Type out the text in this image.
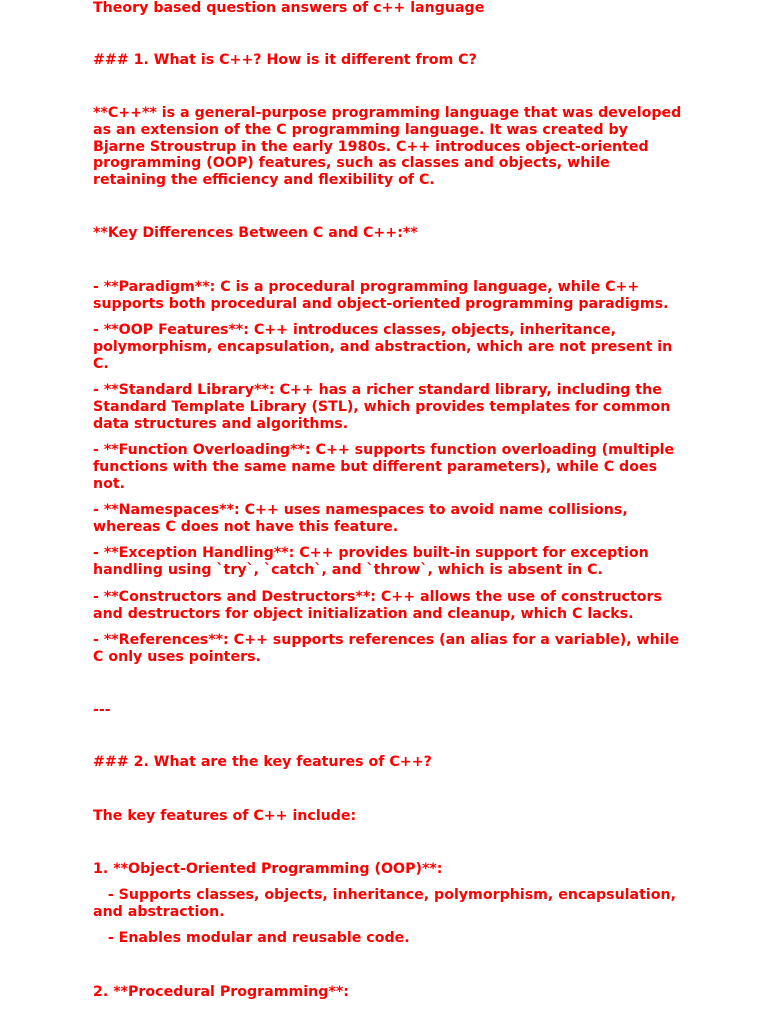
Theory based question answers of c++ language
### 1. What is C++? How is it different from C?
**C++** is a general-purpose programming language that was developed as an extension of the C programming language. It was created by Bjarne Stroustrup in the early 1980s. C++ introduces object-oriented programming (OOP) features, such as classes and objects, while retaining the efficiency and flexibility of C.
**Key Differences Between C and C++:**
- **Paradigm**: C is a procedural programming language, while C++ supports both procedural and object-oriented programming paradigms.
- **OOP Features**: C++ introduces classes, objects, inheritance, polymorphism, encapsulation, and abstraction, which are not present in C.
- **Standard Library**: C++ has a richer standard library, including the Standard Template Library (STL), which provides templates for common data structures and algorithms.
- **Function Overloading**: C++ supports function overloading (multiple functions with the same name but different parameters), while C does not.
- **Namespaces**: C++ uses namespaces to avoid name collisions, whereas C does not have this feature.
- **Exception Handling**: C++ provides built-in support for exception handling using `try`, `catch`, and `throw`, which is absent in C.
- **Constructors and Destructors**: C++ allows the use of constructors and destructors for object initialization and cleanup, which C lacks.
- **References**: C++ supports references (an alias for a variable), while C only uses pointers.
---
### 2. What are the key features of C++?
The key features of C++ include:
1. **Object-Oriented Programming (OOP)**:
- Supports classes, objects, inheritance, polymorphism, encapsulation, and abstraction.
- Enables modular and reusable code.
2. **Procedural Programming**:
